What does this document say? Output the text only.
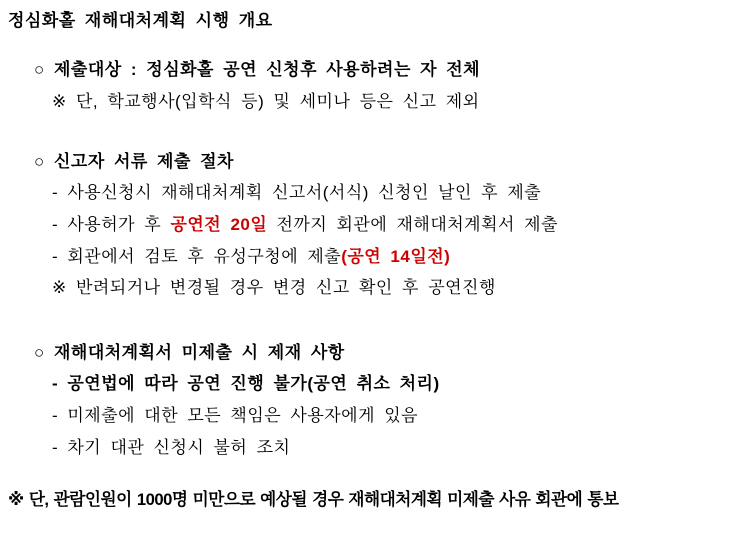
정심화홀 재해대처계획 시행 개요
○ 제출대상 : 정심화홀 공연 신청후 사용하려는 자 전체
※ 단, 학교행사(입학식 등) 및 세미나 등은 신고 제외
○ 신고자 서류 제출 절차
- 사용신청시 재해대처계획 신고서(서식) 신청인 날인 후 제출
- 사용허가 후 공연전 20일 전까지 회관에 재해대처계획서 제출
- 회관에서 검토 후 유성구청에 제출(공연 14일전)
※ 반려되거나 변경될 경우 변경 신고 확인 후 공연진행
○ 재해대처계획서 미제출 시 제재 사항
- 공연법에 따라 공연 진행 불가(공연 취소 처리)
- 미제출에 대한 모든 책임은 사용자에게 있음
- 차기 대관 신청시 불허 조치
※ 단, 관람인원이 1000명 미만으로 예상될 경우 재해대처계획 미제출 사유 회관에 통보
